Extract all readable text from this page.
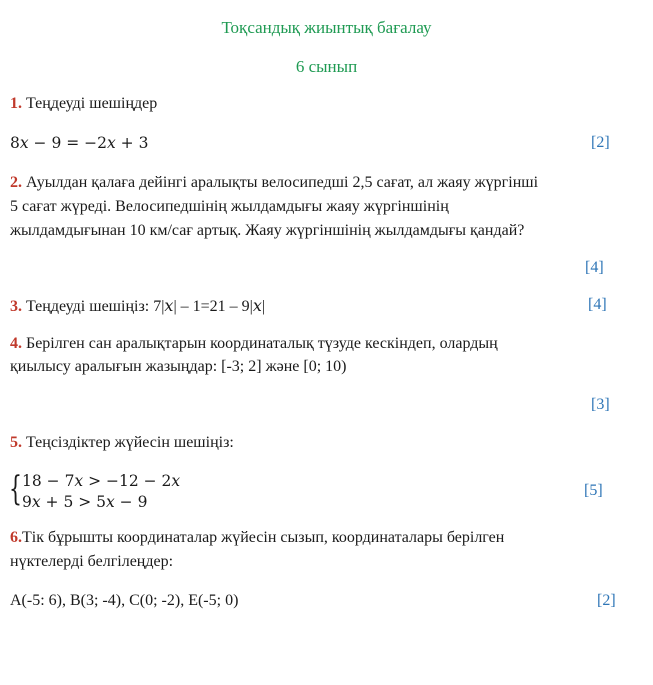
Тоқсандық жиынтық бағалау
6 сынып
1. Теңдеуді шешіңдер
8𝑥 − 9 = −2𝑥 + 3	[2]
2. Ауылдан қалаға дейінгі аралықты велосипедші 2,5 сағат, ал жаяу жүргінші
5 сағат жүреді. Велосипедшінің жылдамдығы жаяу жүргіншінің
жылдамдығынан 10 км/сағ артық. Жаяу жүргіншінің жылдамдығы қандай?
[4]
3. Теңдеуді шешіңіз: 7|𝑥| – 1=21 – 9|𝑥|	[4]
4. Берілген сан аралықтарын координаталық түзуде кескіндеп, олардың
қиылысу аралығын жазыңдар: [-3; 2] және [0; 10)
[3]
5. Теңсіздіктер жүйесін шешіңіз:
{ 18 − 7𝑥 > −12 − 2𝑥
9𝑥 + 5 > 5𝑥 − 9
[5]
6.Тік бұрышты координаталар жүйесін сызып, координаталары берілген
нүктелерді белгілеңдер:
A(-5: 6), B(3; -4), C(0; -2), E(-5; 0)	[2]
